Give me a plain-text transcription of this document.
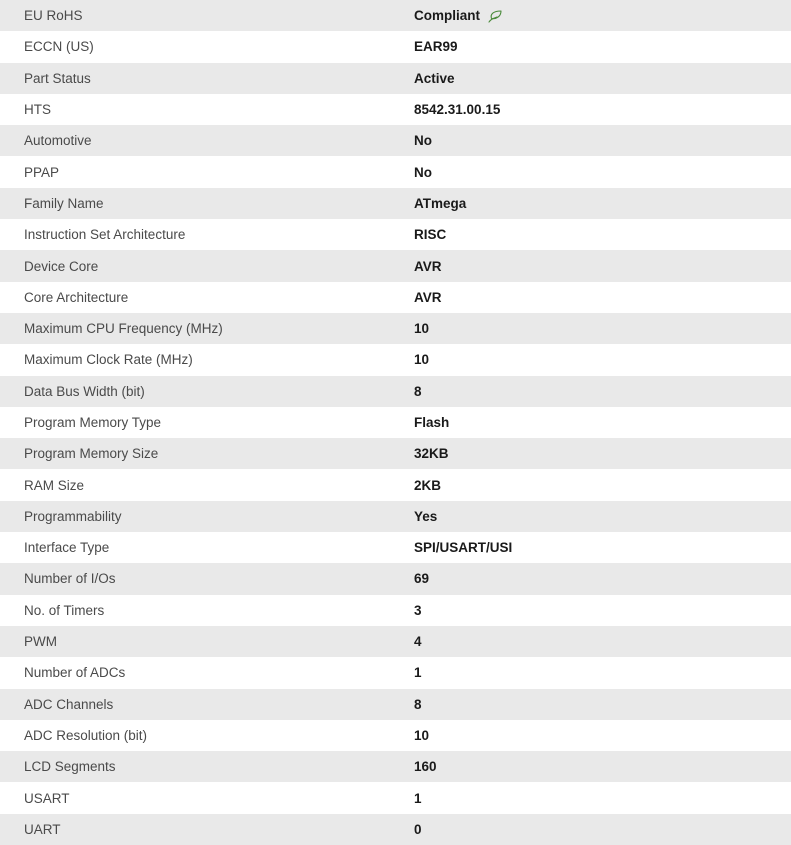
EU RoHS	Compliant

ECCN (US)	EAR99

Part Status	Active

HTS	8542.31.00.15

Automotive	No

PPAP	No

Family Name	ATmega

Instruction Set Architecture	RISC

Device Core	AVR

Core Architecture	AVR

Maximum CPU Frequency (MHz)	10

Maximum Clock Rate (MHz)	10

Data Bus Width (bit)	8

Program Memory Type	Flash

Program Memory Size	32KB

RAM Size	2KB

Programmability	Yes

Interface Type	SPI/USART/USI

Number of I/Os	69

No. of Timers	3

PWM	4

Number of ADCs	1

ADC Channels	8

ADC Resolution (bit)	10

LCD Segments	160

USART	1

UART	0
